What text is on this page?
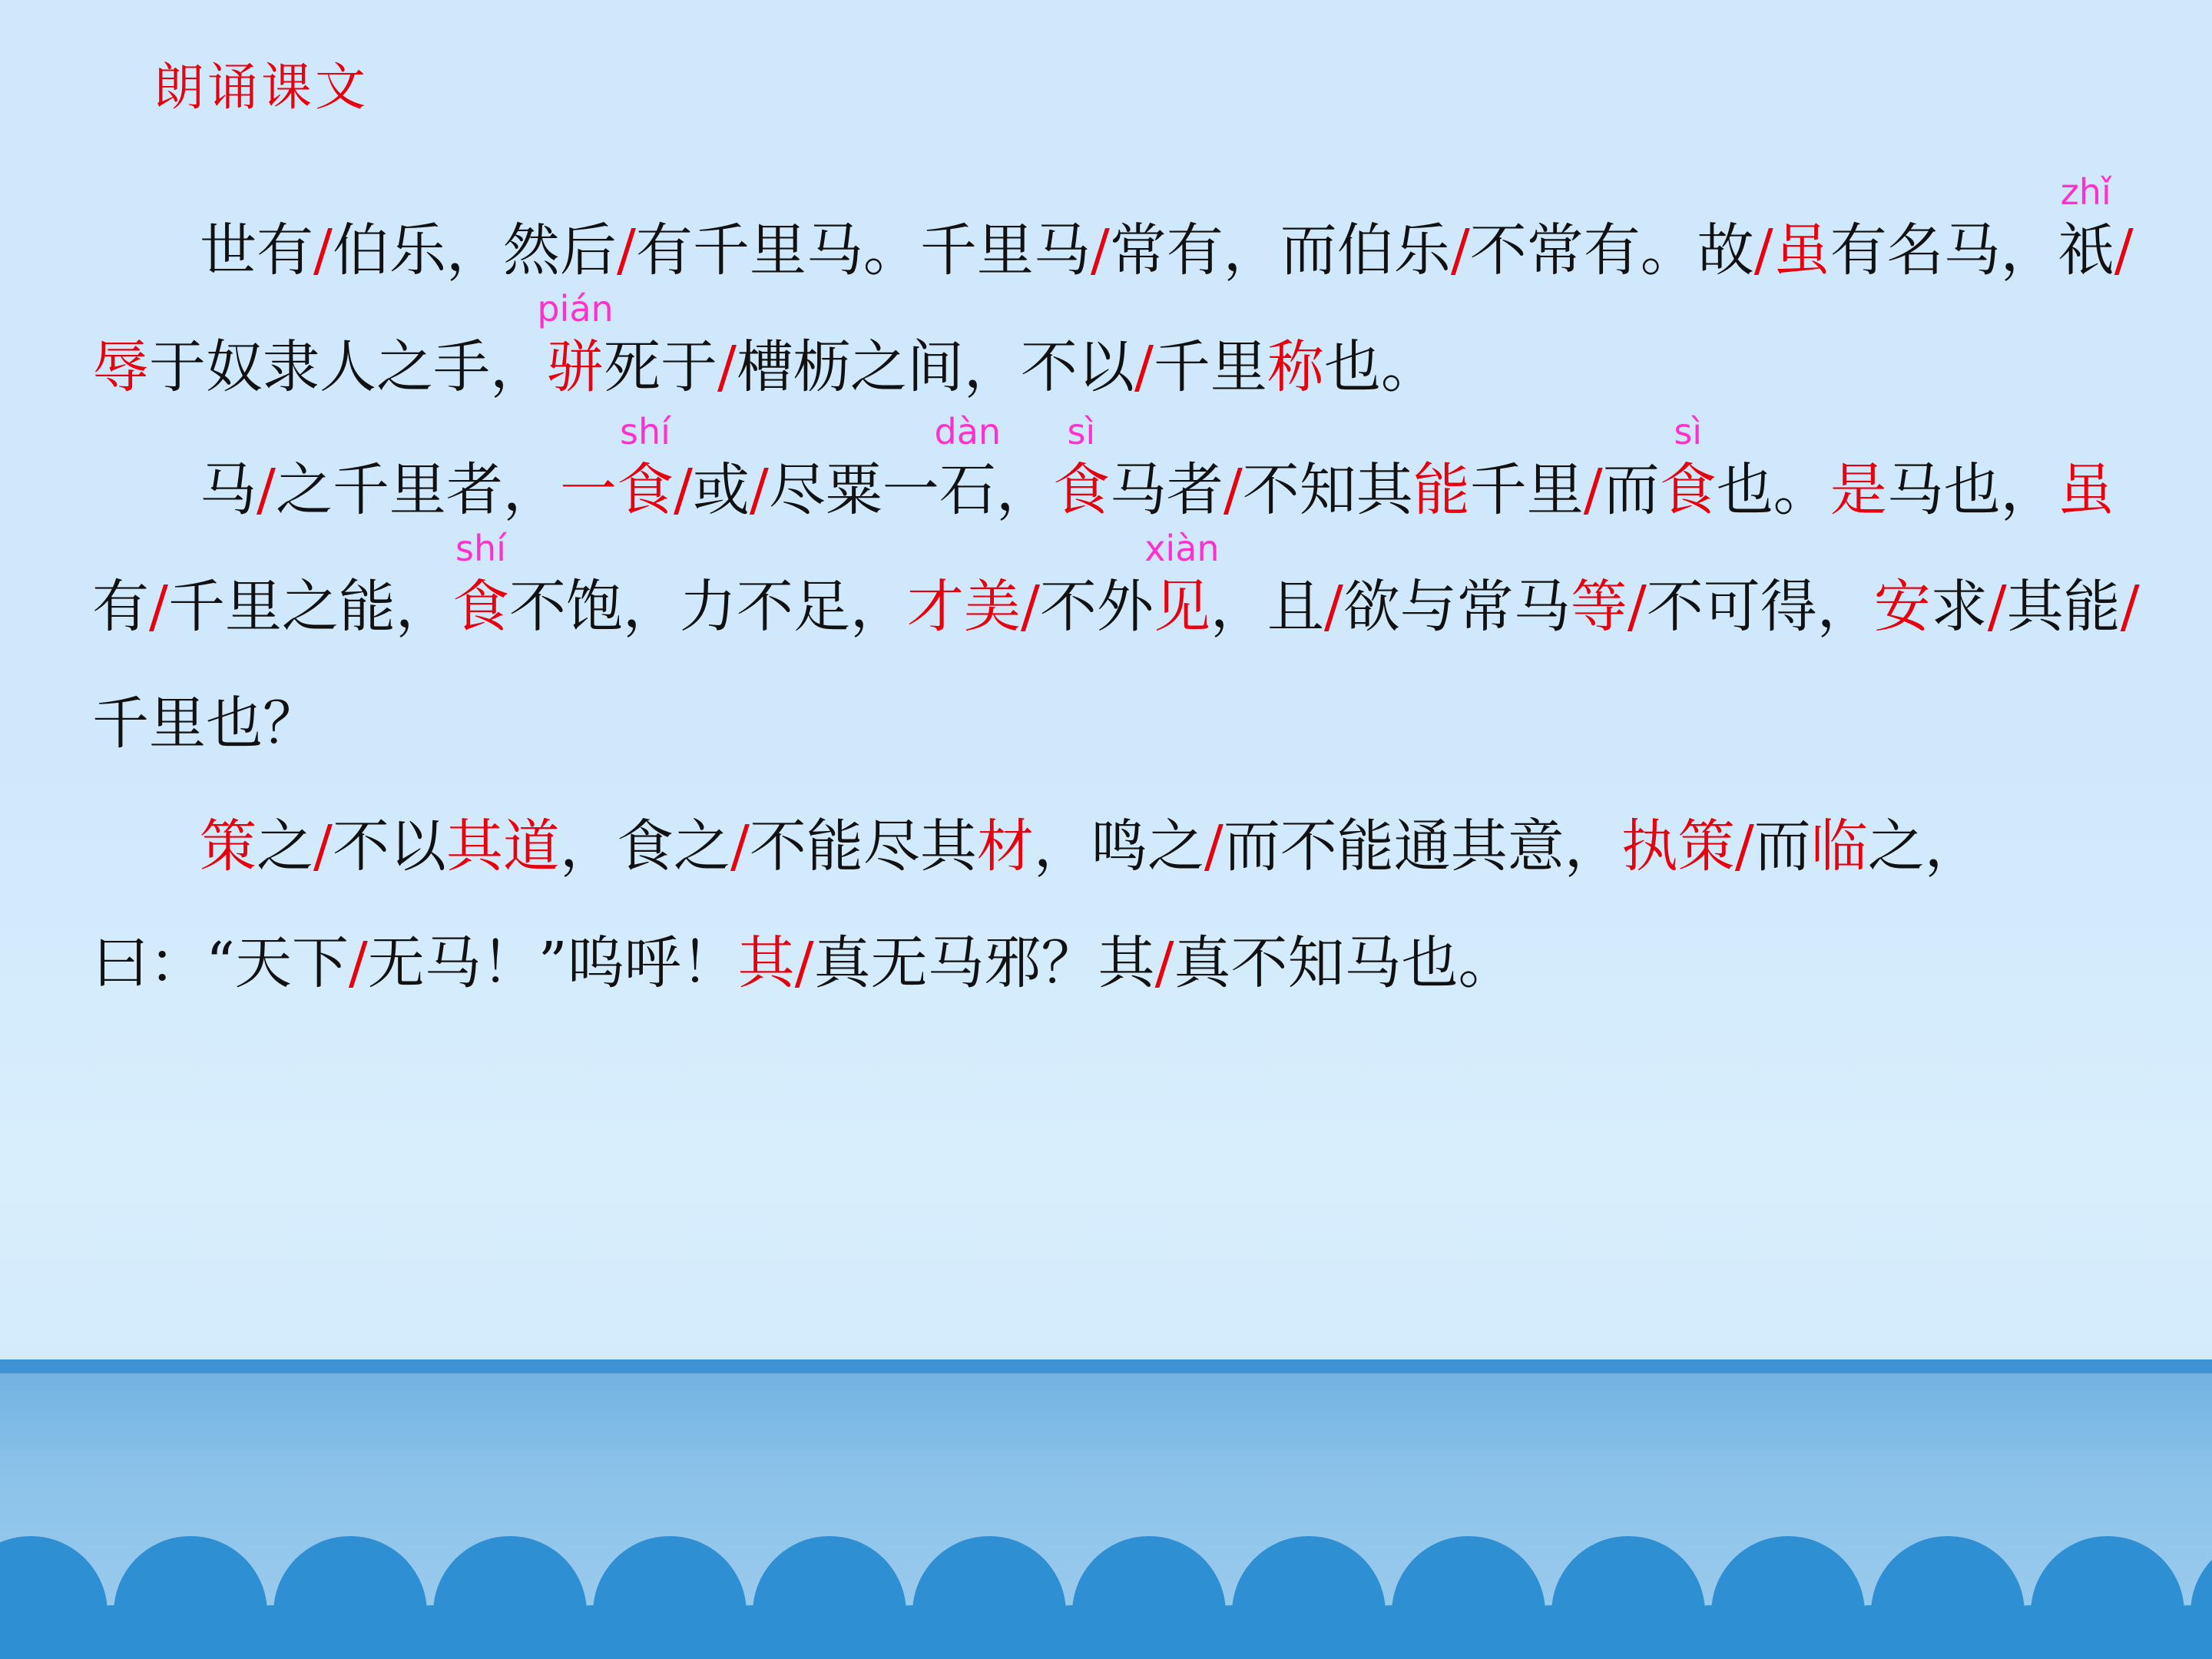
朗诵课文

世有/伯乐，然后/有千里马。千里马/常有，而伯乐/不常有。故/虽有名马，祇
zhǐ
/辱于奴隶人之手，骈
pián
死于/槽枥之间，不以/千里称也。

马/之千里者，一食
shí
/或/尽粟一石
dàn
，食
sì
马者/不知其能千里/而食
sì
也。是马也，虽有/千里之能，食
shí
不饱，力不足，才美/不外见
xiàn
，且/欲与常马等/不可得，安求/其能/千里也？

策之/不以其道，食之/不能尽其材，鸣之/而不能通其意，执策/而临之，曰：“天下/无马！”呜呼！其/真无马邪？其/真不知马也。
